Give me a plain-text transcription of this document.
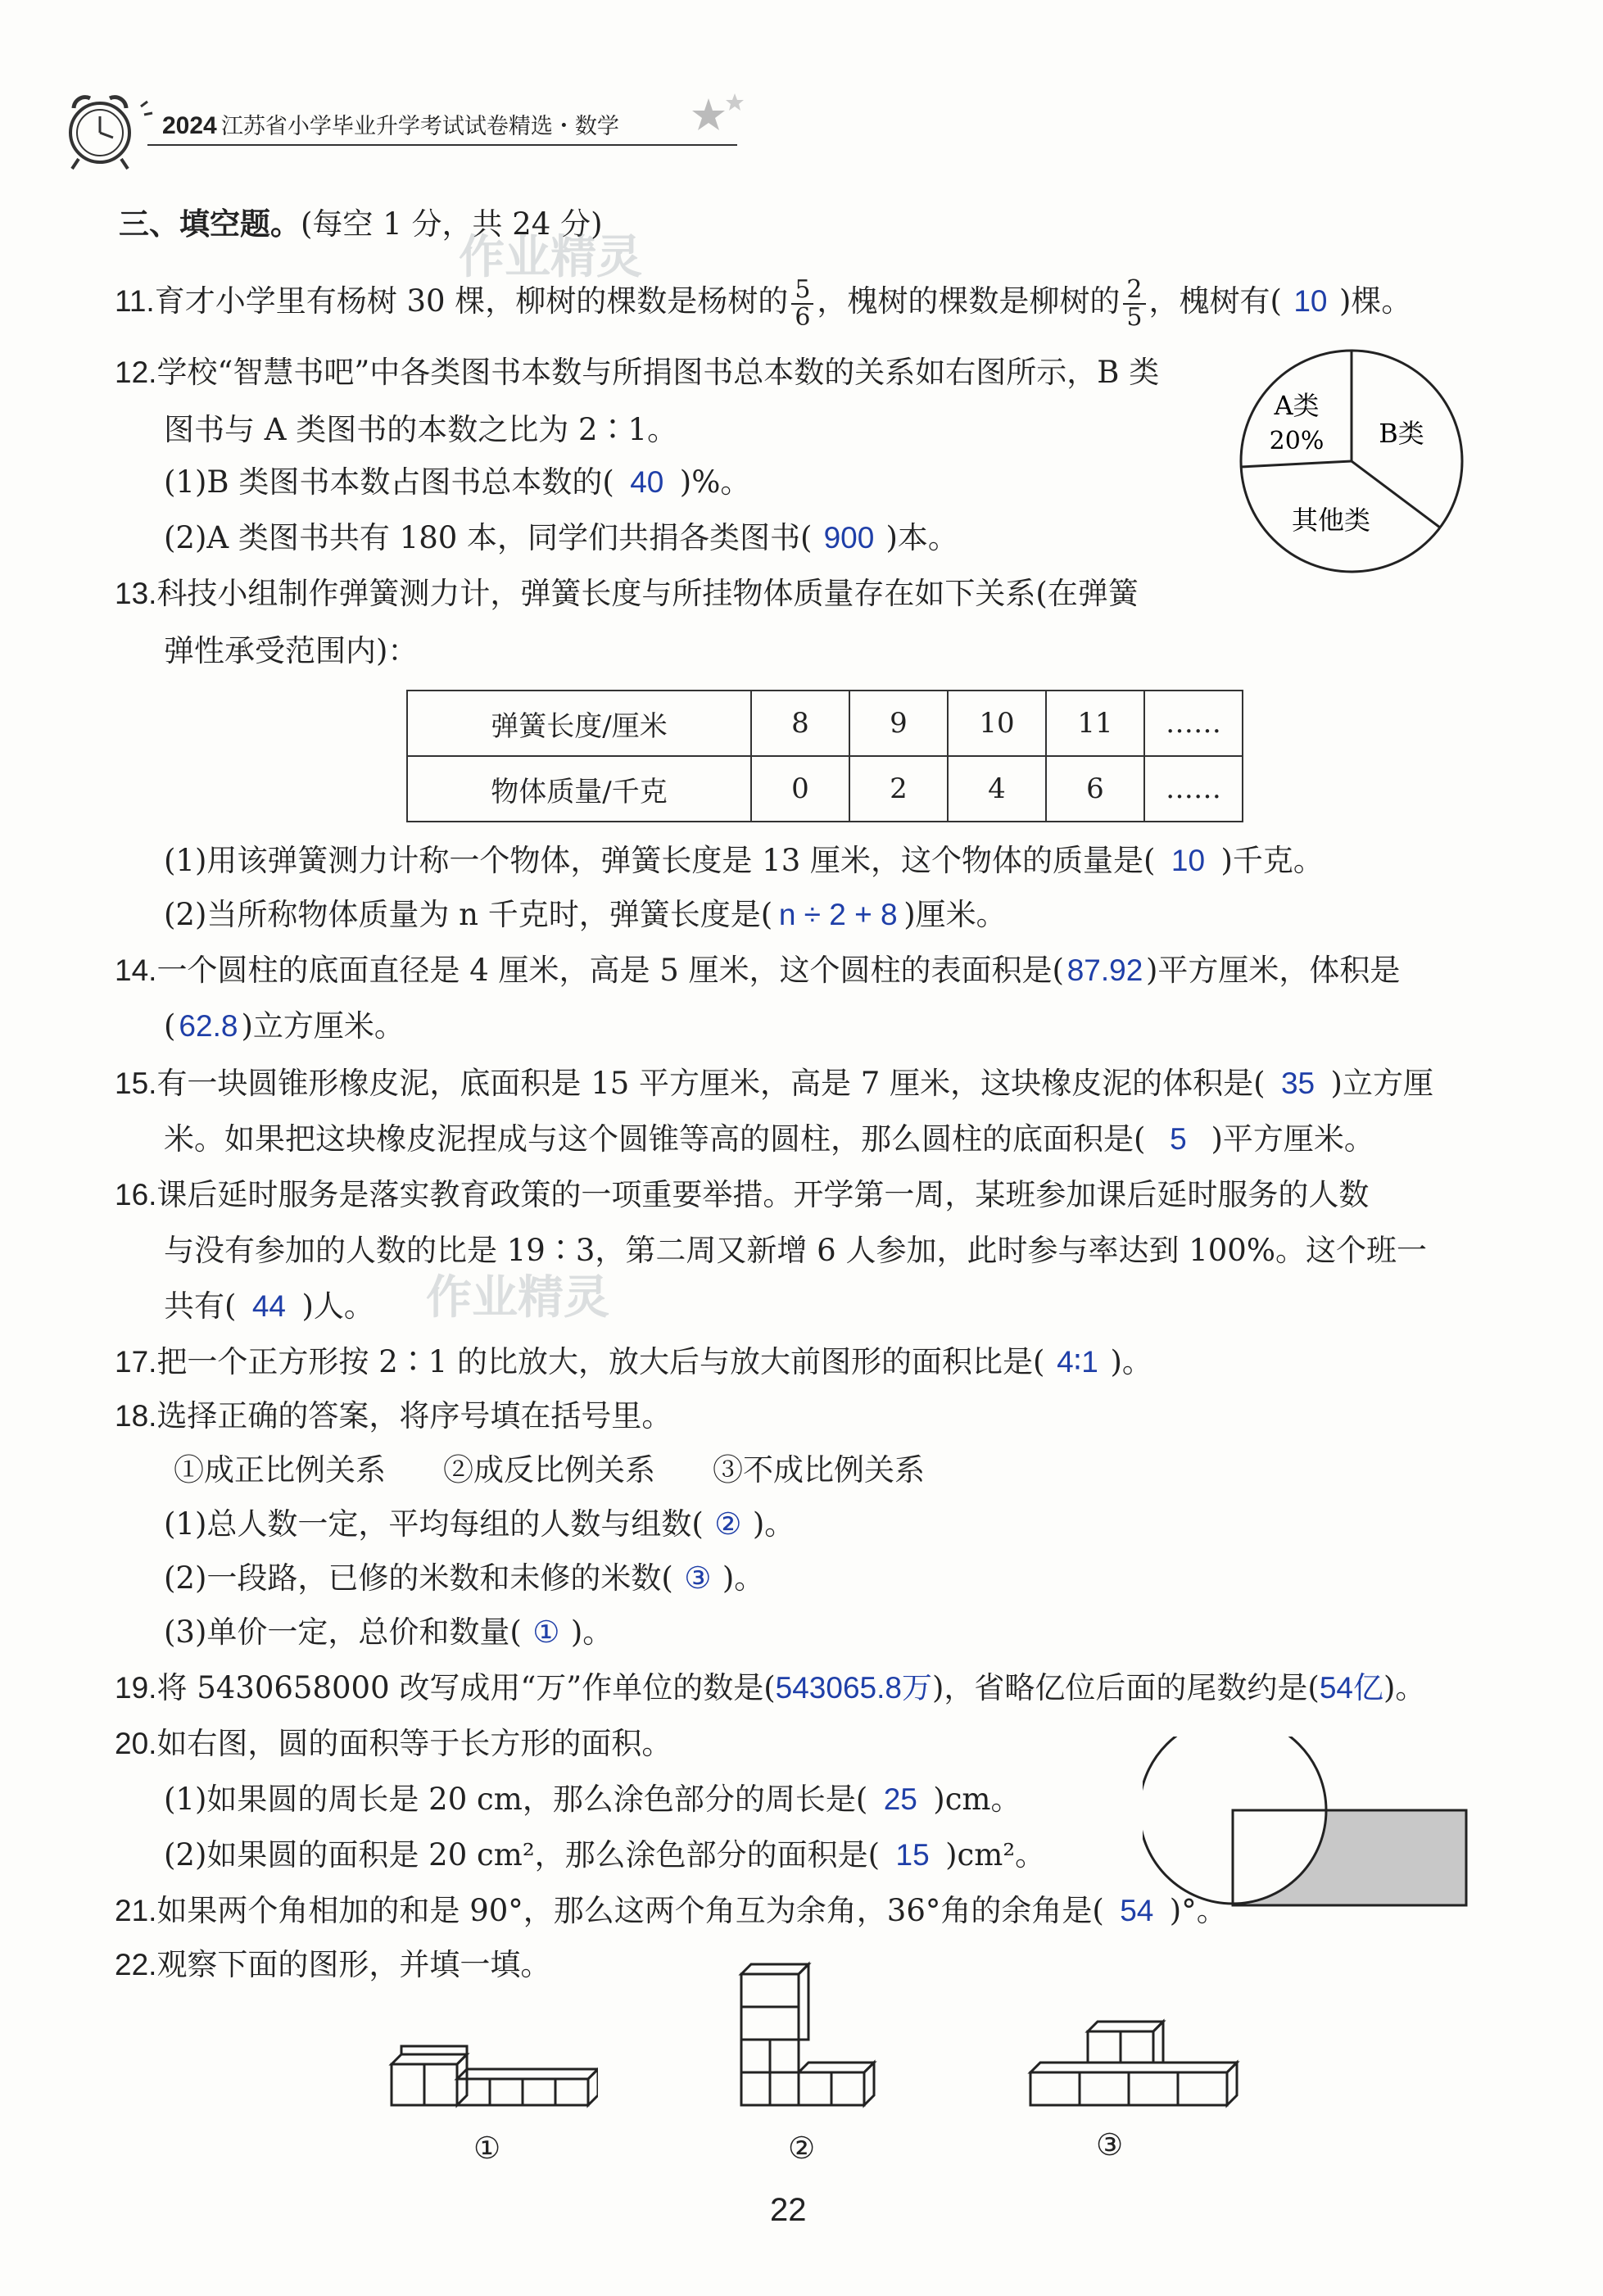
2024 江苏省小学毕业升学考试试卷精选・数学
三、填空题。(每空 1 分，共 24 分)
作业精灵
11.育才小学里有杨树 30 棵，柳树的棵数是杨树的 $\frac{5}{6}$ ，槐树的棵数是柳树的 $\frac{2}{5}$ ，槐树有( 10 )棵。
12.学校“智慧书吧”中各类图书本数与所捐图书总本数的关系如右图所示，B 类
图书与 A 类图书的本数之比为 2∶1。
(1)B 类图书本数占图书总本数的( 40 )%。
(2)A 类图书共有 180 本，同学们共捐各类图书( 900 )本。
A类
20% B类
其他类
13.科技小组制作弹簧测力计，弹簧长度与所挂物体质量存在如下关系(在弹簧
弹性承受范围内)：
弹簧长度/厘米	8	9	10	11	……
物体质量/千克	0	2	4	6	……
(1)用该弹簧测力计称一个物体，弹簧长度是 13 厘米，这个物体的质量是( 10 )千克。
(2)当所称物体质量为 n 千克时，弹簧长度是( n ÷ 2 + 8 )厘米。
14.一个圆柱的底面直径是 4 厘米，高是 5 厘米，这个圆柱的表面积是( 87.92 )平方厘米，体积是
( 62.8 )立方厘米。
15.有一块圆锥形橡皮泥，底面积是 15 平方厘米，高是 7 厘米，这块橡皮泥的体积是( 35 )立方厘
米。如果把这块橡皮泥捏成与这个圆锥等高的圆柱，那么圆柱的底面积是( 5 )平方厘米。
16.课后延时服务是落实教育政策的一项重要举措。开学第一周，某班参加课后延时服务的人数
与没有参加的人数的比是 19∶3，第二周又新增 6 人参加，此时参与率达到 100%。这个班一
共有( 44 )人。 作业精灵
17.把一个正方形按 2∶1 的比放大，放大后与放大前图形的面积比是( 4∶1 )。
18.选择正确的答案，将序号填在括号里。
①成正比例关系 ②成反比例关系 ③不成比例关系
(1)总人数一定，平均每组的人数与组数( ② )。
(2)一段路，已修的米数和未修的米数( ③ )。
(3)单价一定，总价和数量( ① )。
19.将 5430658000 改写成用“万”作单位的数是(543065.8万)，省略亿位后面的尾数约是(54亿)。
20.如右图，圆的面积等于长方形的面积。
(1)如果圆的周长是 20 cm，那么涂色部分的周长是( 25 )cm。
(2)如果圆的面积是 20 cm²，那么涂色部分的面积是( 15 )cm²。
21.如果两个角相加的和是 90°，那么这两个角互为余角，36°角的余角是( 54 )°。
22.观察下面的图形，并填一填。
①	②	③
22
